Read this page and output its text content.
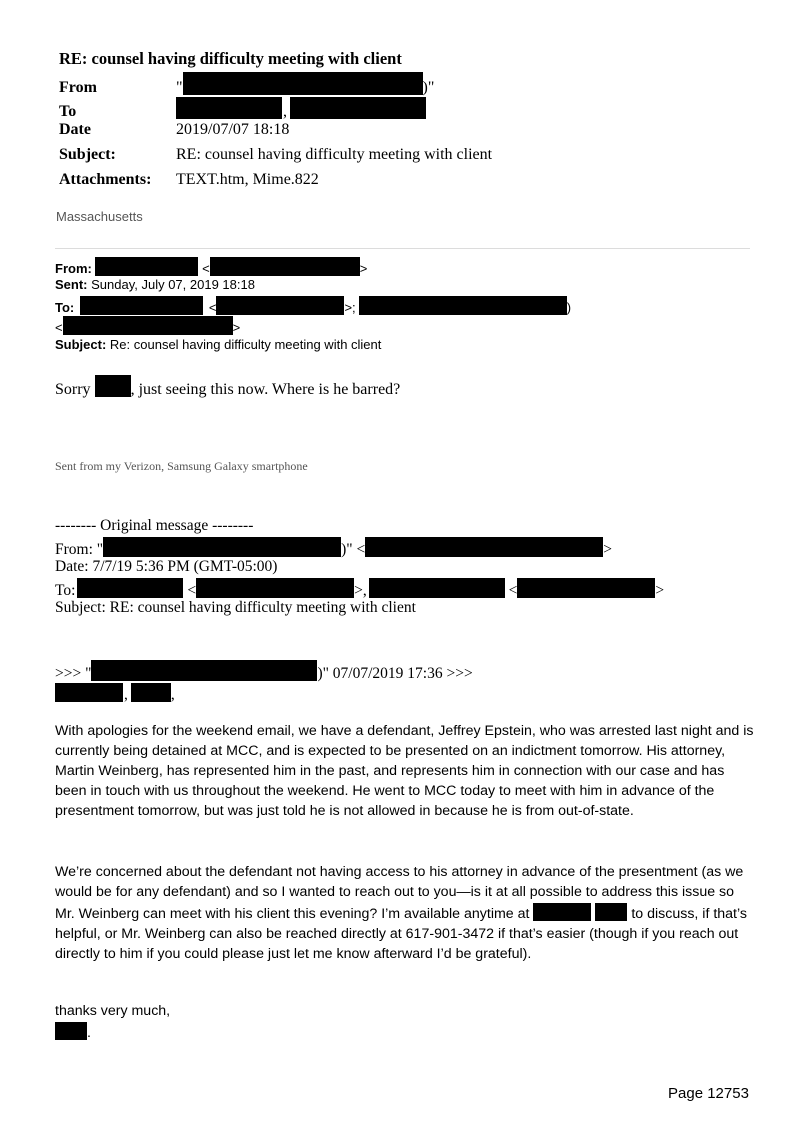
RE: counsel having difficulty meeting with client
From	"	)"
To	,
Date	2019/07/07 18:18
Subject:	RE: counsel having difficulty meeting with client
Attachments: TEXT.htm, Mime.822
Massachusetts
From:	<	>
Sent: Sunday, July 07, 2019 18:18
To:	<	>;	)
<	>
Subject: Re: counsel having difficulty meeting with client
Sorry	, just seeing this now. Where is he barred?
Sent from my Verizon, Samsung Galaxy smartphone
-------- Original message --------
From: "	)" <	>
Date: 7/7/19 5:36 PM (GMT-05:00)
To:	<	>,	<	>
Subject: RE: counsel having difficulty meeting with client
>>> "	)" 07/07/2019 17:36 >>>
,	,
With apologies for the weekend email, we have a defendant, Jeffrey Epstein, who was arrested last night and is currently being detained at MCC, and is expected to be presented on an indictment tomorrow. His attorney, Martin Weinberg, has represented him in the past, and represents him in connection with our case and has been in touch with us throughout the weekend. He went to MCC today to meet with him in advance of the presentment tomorrow, but was just told he is not allowed in because he is from out-of-state.
We’re concerned about the defendant not having access to his attorney in advance of the presentment (as we would be for any defendant) and so I wanted to reach out to you—is it at all possible to address this issue so Mr. Weinberg can meet with his client this evening? I’m available anytime at	to discuss, if that’s helpful, or Mr. Weinberg can also be reached directly at 617-901-3472 if that’s easier (though if you reach out directly to him if you could please just let me know afterward I’d be grateful).
thanks very much,
.
Page 12753
